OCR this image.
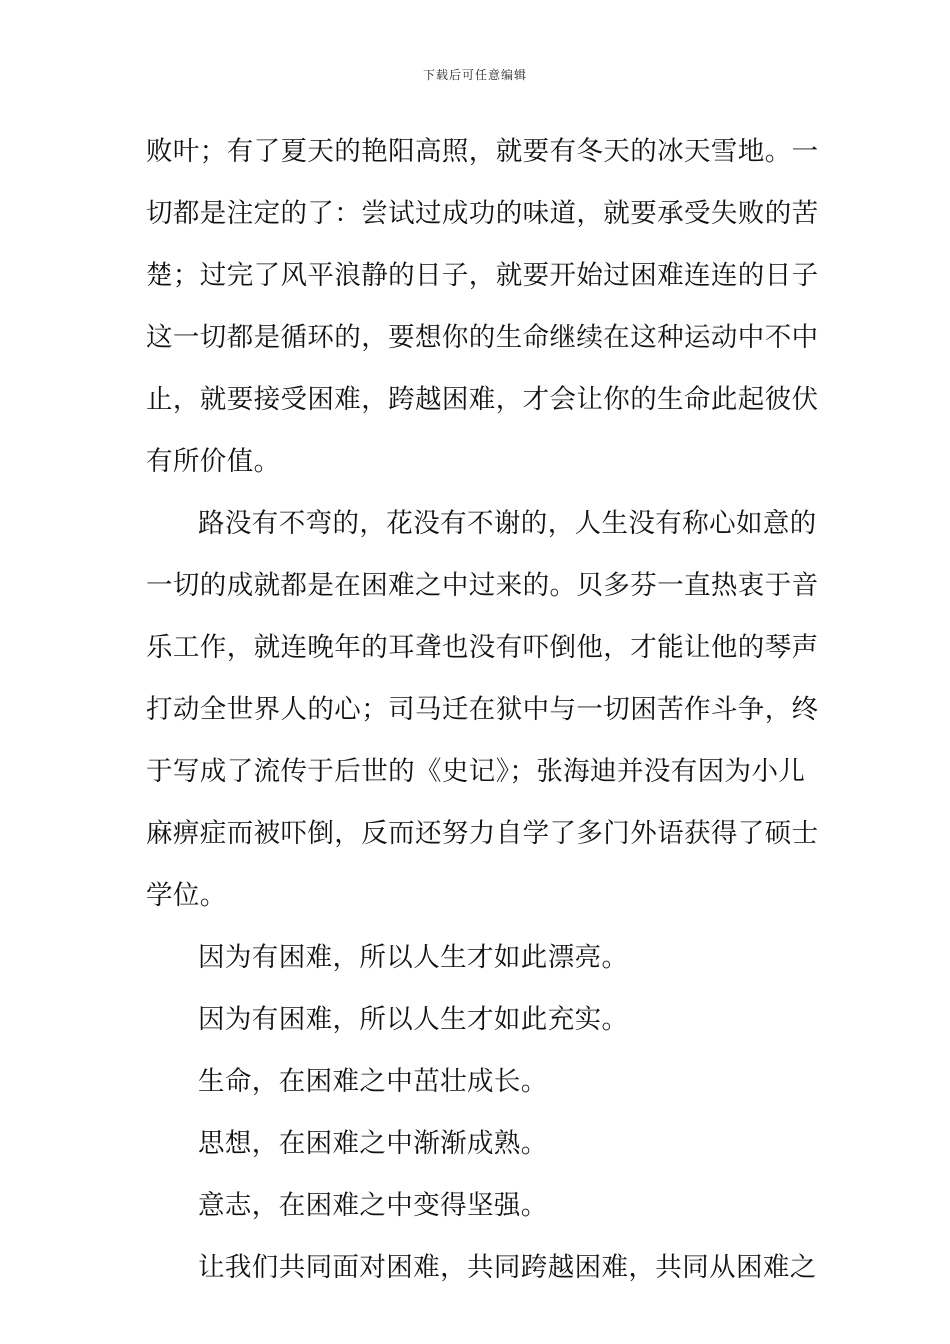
下载后可任意编辑
败叶；有了夏天的艳阳高照，就要有冬天的冰天雪地。一
切都是注定的了：尝试过成功的味道，就要承受失败的苦
楚；过完了风平浪静的日子，就要开始过困难连连的日子
这一切都是循环的，要想你的生命继续在这种运动中不中
止，就要接受困难，跨越困难，才会让你的生命此起彼伏
有所价值。
路没有不弯的，花没有不谢的，人生没有称心如意的
一切的成就都是在困难之中过来的。贝多芬一直热衷于音
乐工作，就连晚年的耳聋也没有吓倒他，才能让他的琴声
打动全世界人的心；司马迁在狱中与一切困苦作斗争，终
于写成了流传于后世的《史记》；张海迪并没有因为小儿
麻痹症而被吓倒，反而还努力自学了多门外语获得了硕士
学位。
因为有困难，所以人生才如此漂亮。
因为有困难，所以人生才如此充实。
生命，在困难之中茁壮成长。
思想，在困难之中渐渐成熟。
意志，在困难之中变得坚强。
让我们共同面对困难，共同跨越困难，共同从困难之
